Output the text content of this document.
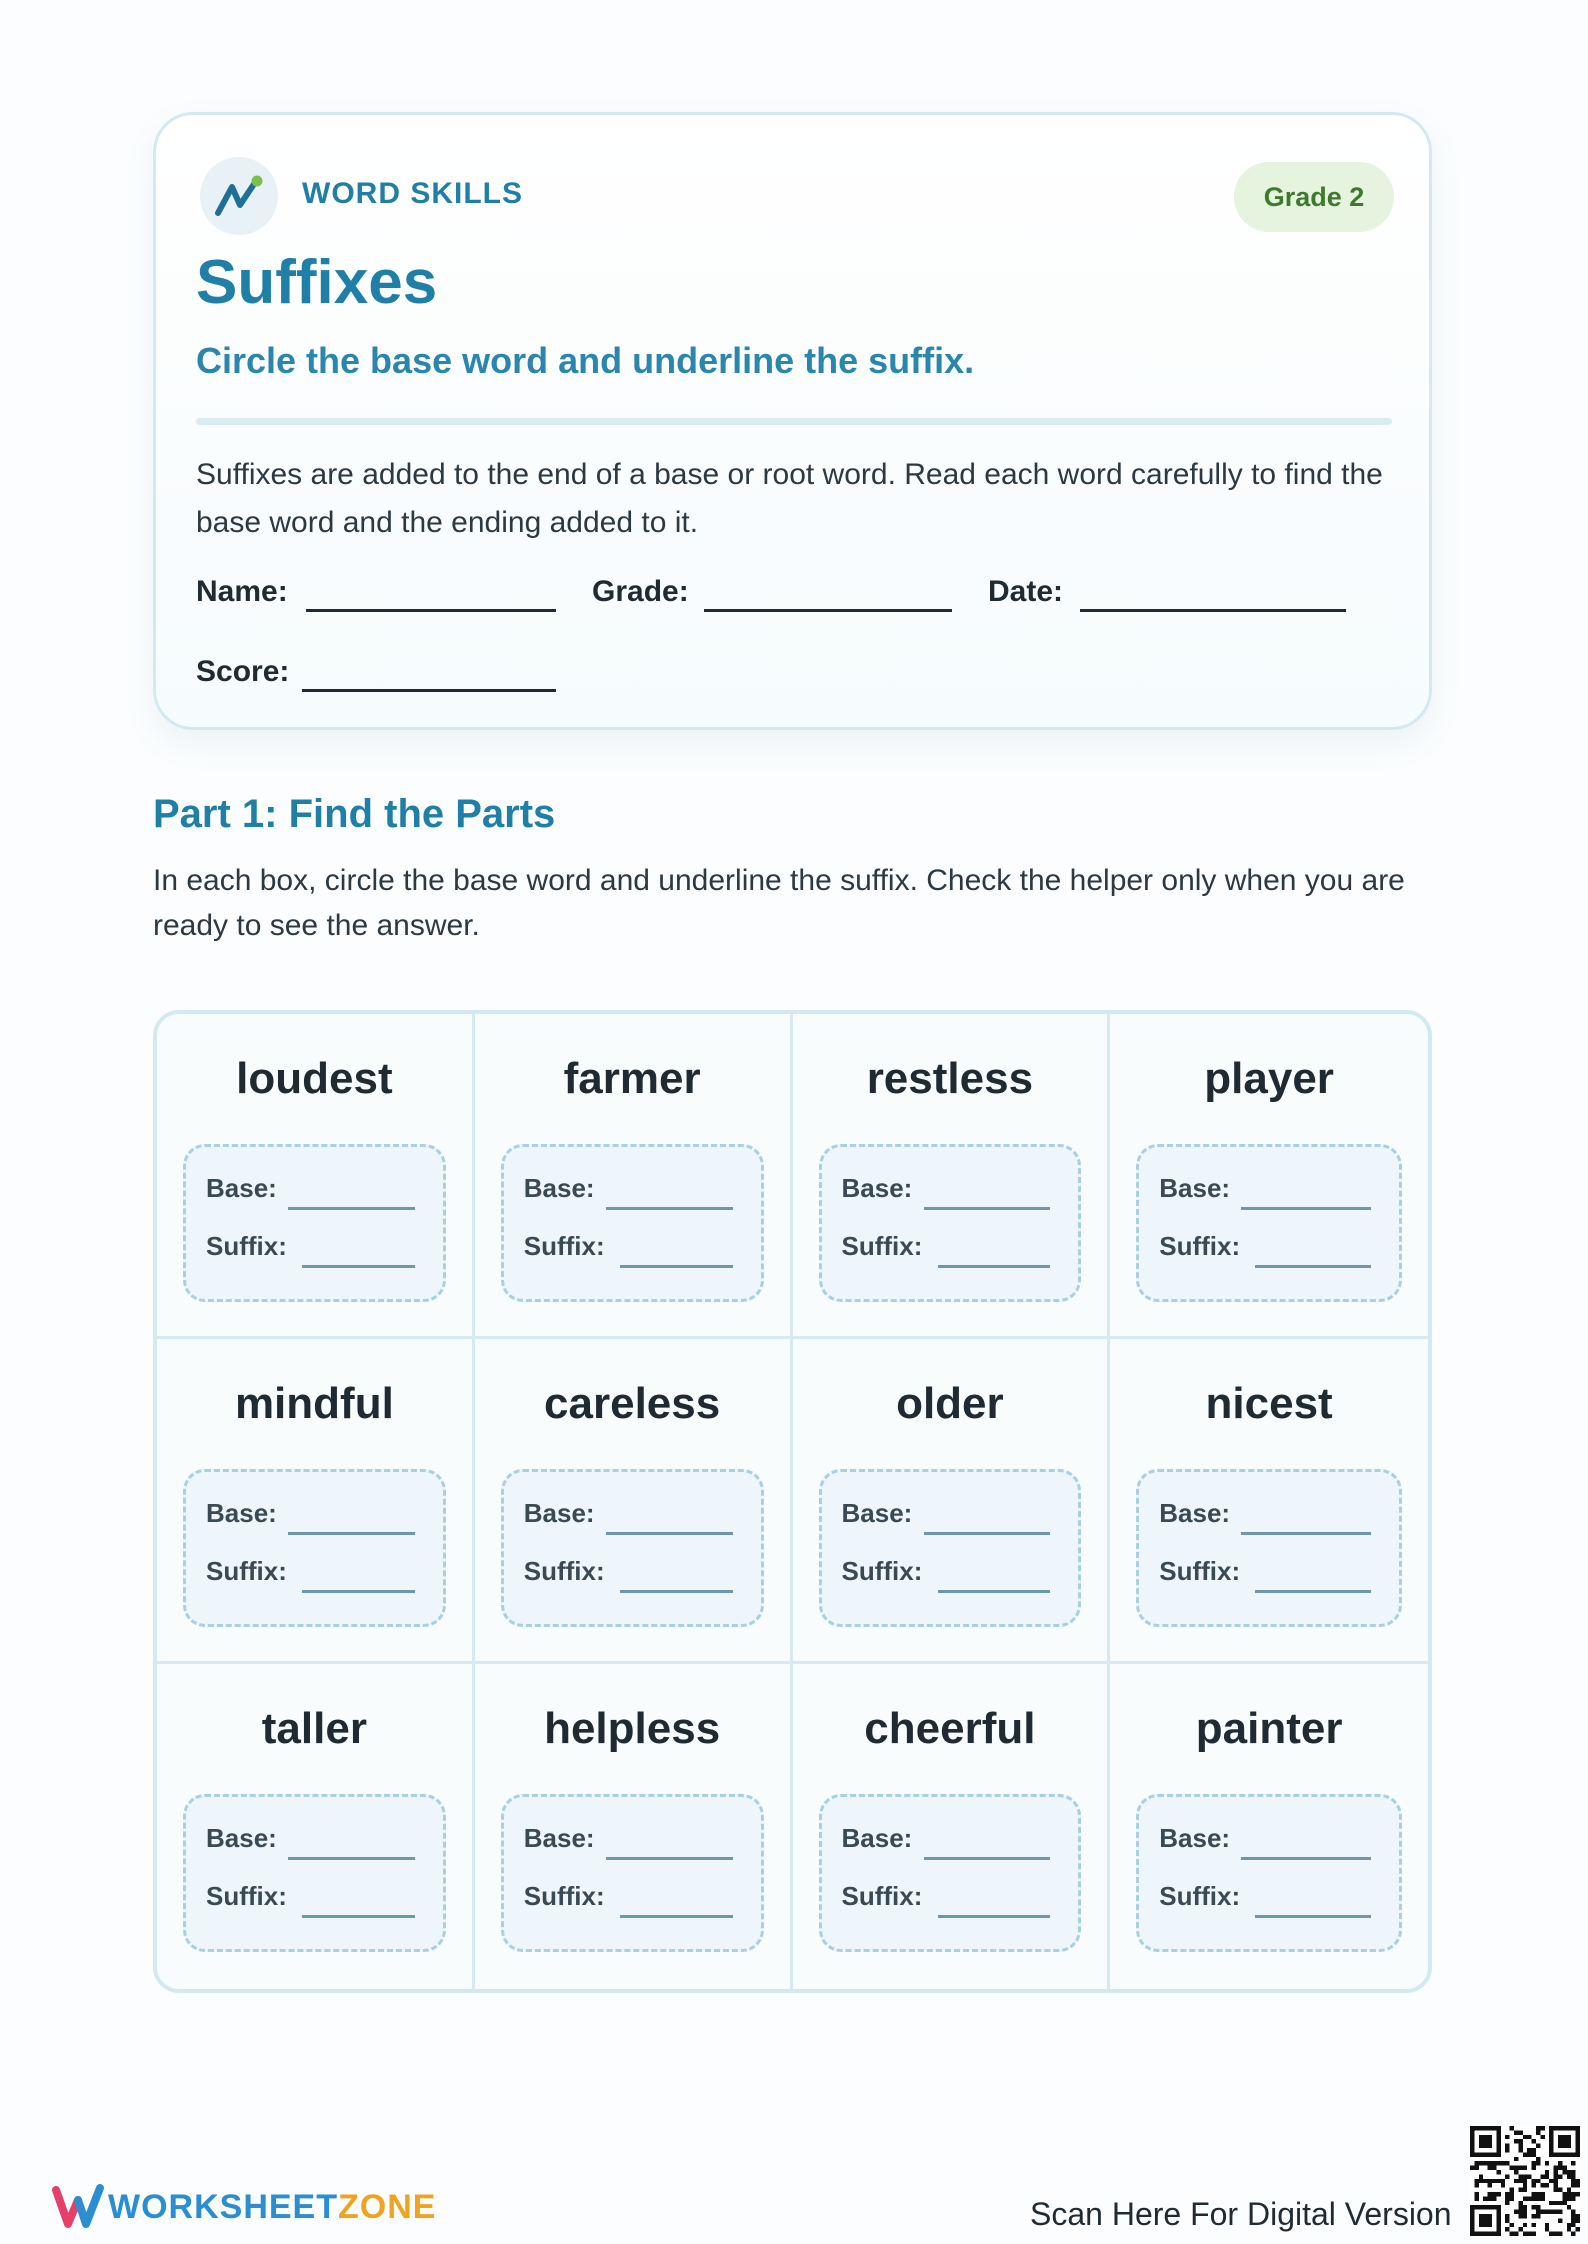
WORD SKILLS	Grade 2
Suffixes
Circle the base word and underline the suffix.
Suffixes are added to the end of a base or root word. Read each word carefully to find the base word and the ending added to it.
Name:	Grade:	Date:
Score:
Part 1: Find the Parts
In each box, circle the base word and underline the suffix. Check the helper only when you are ready to see the answer.
loudest
Base:
Suffix:
farmer
Base:
Suffix:
restless
Base:
Suffix:
player
Base:
Suffix:
mindful
Base:
Suffix:
careless
Base:
Suffix:
older
Base:
Suffix:
nicest
Base:
Suffix:
taller
Base:
Suffix:
helpless
Base:
Suffix:
cheerful
Base:
Suffix:
painter
Base:
Suffix:
WORKSHEETZONE	Scan Here For Digital Version
